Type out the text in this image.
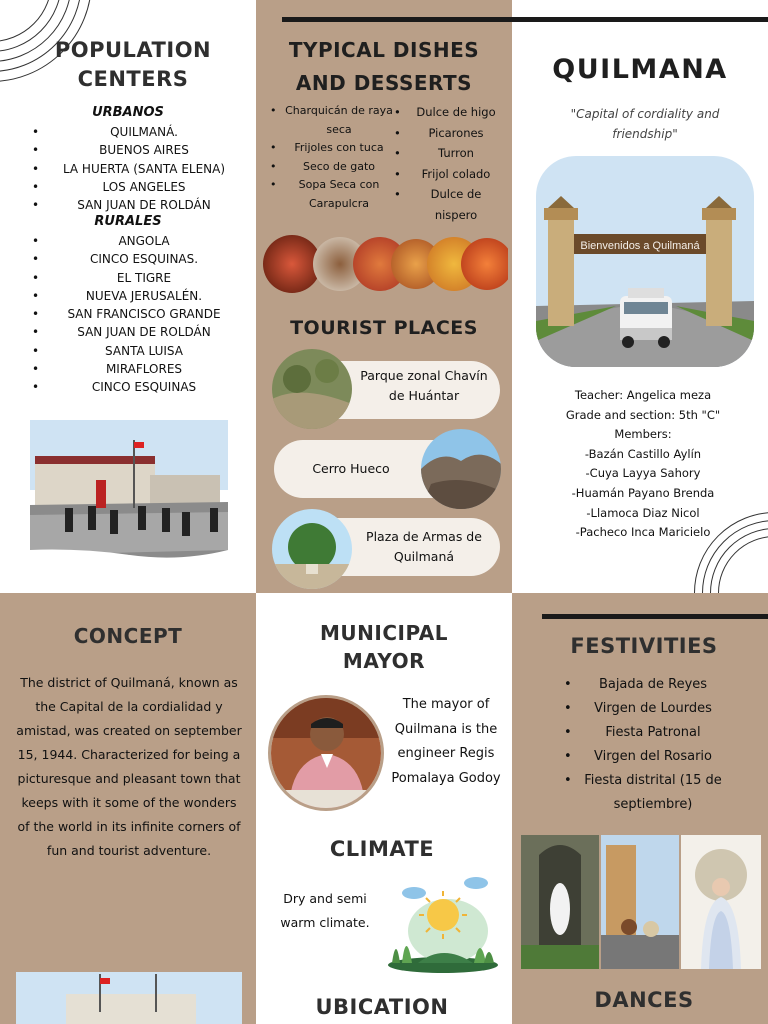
POPULATION
CENTERS
URBANOS
• QUILMANÁ.
• BUENOS AIRES
• LA HUERTA (SANTA ELENA)
• LOS ANGELES
• SAN JUAN DE ROLDÁN
RURALES
• ANGOLA
• CINCO ESQUINAS.
• EL TIGRE
• NUEVA JERUSALÉN.
• SAN FRANCISCO GRANDE
• SAN JUAN DE ROLDÁN
• SANTA LUISA
• MIRAFLORES
• CINCO ESQUINAS
TYPICAL DISHES
AND DESSERTS
• Charquicán de raya seca
• Frijoles con tuca
• Seco de gato
• Sopa Seca con Carapulcra
• Dulce de higo
• Picarones
• Turron
• Frijol colado
• Dulce de nispero
TOURIST PLACES
Parque zonal Chavín de Huántar
Cerro Hueco
Plaza de Armas de Quilmaná
QUILMANA
"Capital of cordiality and friendship"
Bienvenidos a Quilmaná
Teacher: Angelica meza
Grade and section: 5th "C"
Members:
-Bazán Castillo Aylín
-Cuya Layya Sahory
-Huamán Payano Brenda
-Llamoca Diaz Nicol
-Pacheco Inca Maricielo
CONCEPT
The district of Quilmaná, known as the Capital de la cordialidad y amistad, was created on september 15, 1944. Characterized for being a picturesque and pleasant town that keeps with it some of the wonders of the world in its infinite corners of fun and tourist adventure.
MUNICIPAL
MAYOR
The mayor of Quilmana is the engineer Regis Pomalaya Godoy
CLIMATE
Dry and semi warm climate.
UBICATION
FESTIVITIES
• Bajada de Reyes
• Virgen de Lourdes
• Fiesta Patronal
• Virgen del Rosario
• Fiesta distrital (15 de septiembre)
DANCES
